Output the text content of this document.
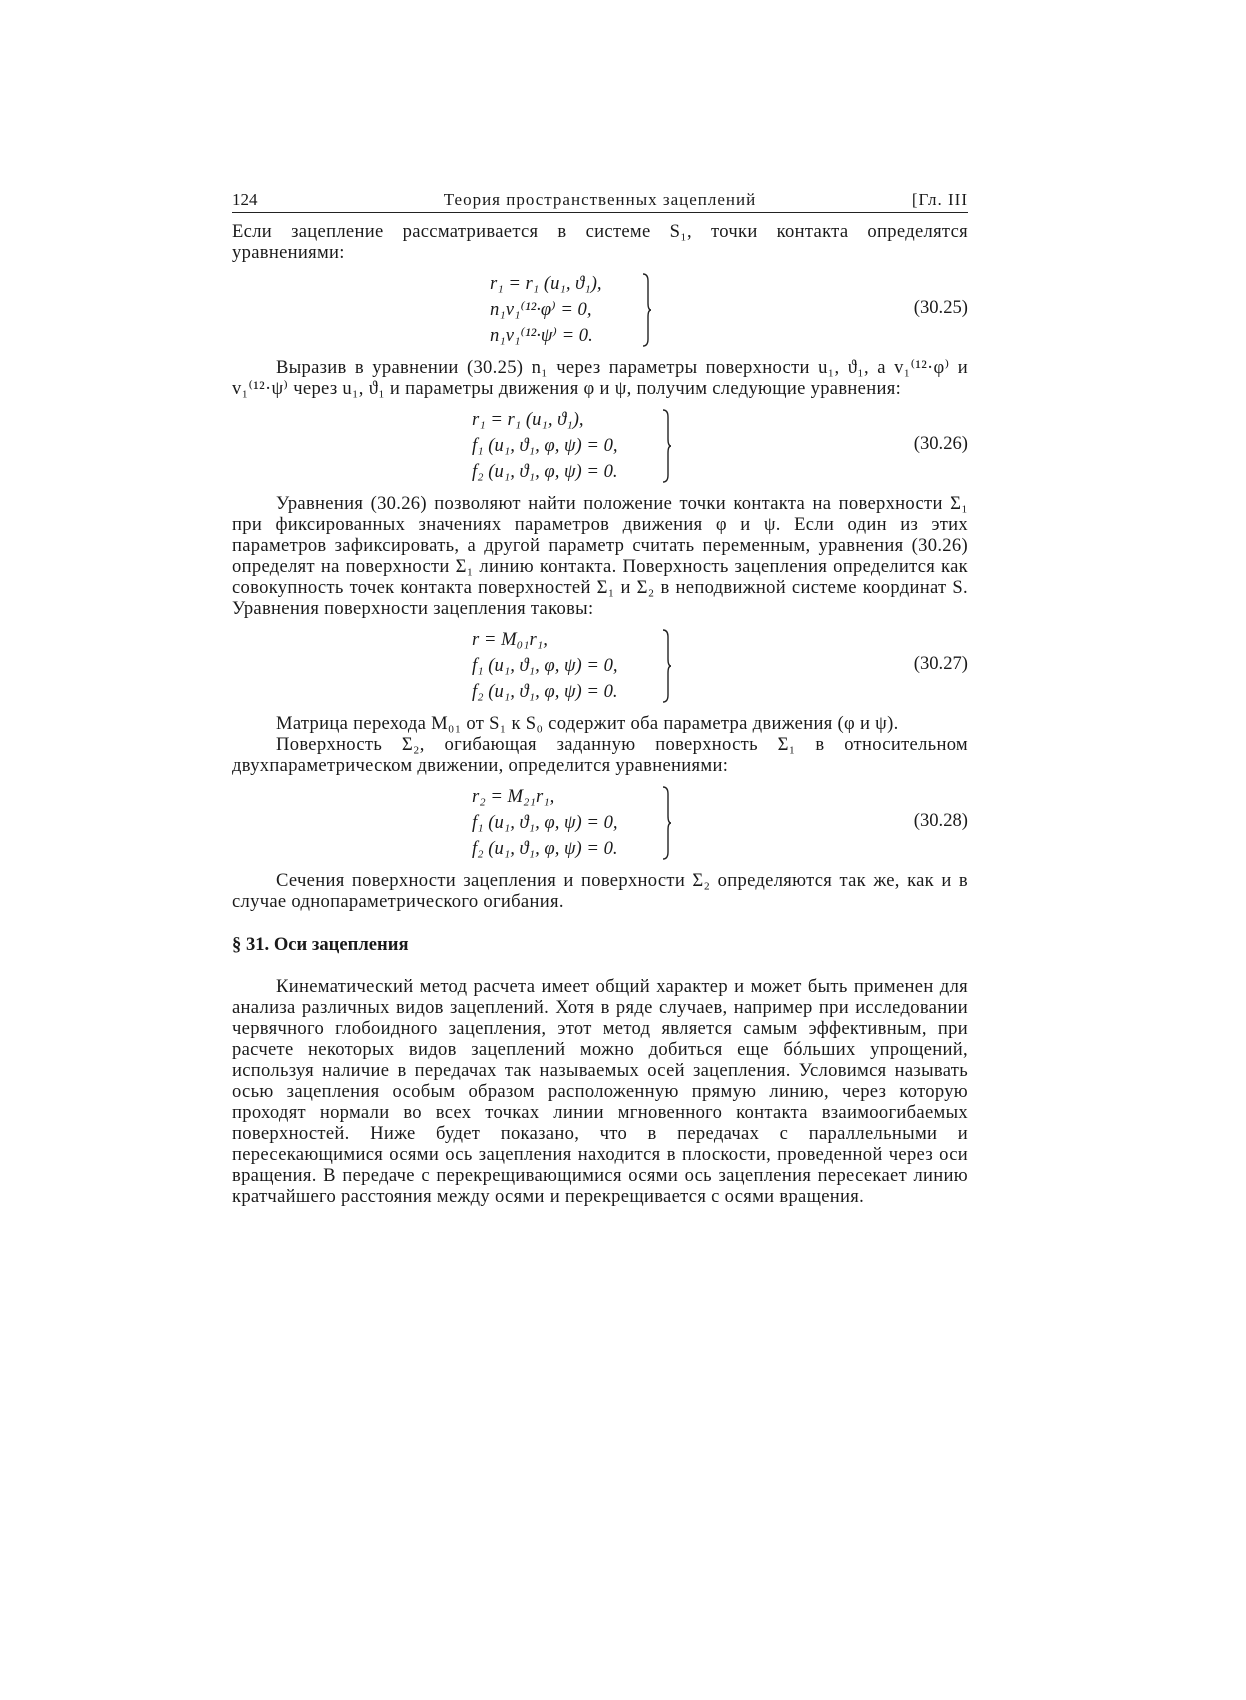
124	Теория пространственных зацеплений	[Гл. III

Если зацепление рассматривается в системе S₁, точки контакта определятся уравнениями:

r₁ = r₁ (u₁, ϑ₁),
n₁v₁⁽¹²·φ⁾ = 0,
n₁v₁⁽¹²·ψ⁾ = 0.
(30.25)

Выразив в уравнении (30.25) n₁ через параметры поверхности u₁, ϑ₁, а v₁⁽¹²·φ⁾ и v₁⁽¹²·ψ⁾ через u₁, ϑ₁ и параметры движения φ и ψ, получим следующие уравнения:

r₁ = r₁ (u₁, ϑ₁),
f₁ (u₁, ϑ₁, φ, ψ) = 0,
f₂ (u₁, ϑ₁, φ, ψ) = 0.
(30.26)

Уравнения (30.26) позволяют найти положение точки контакта на поверхности Σ₁ при фиксированных значениях параметров движения φ и ψ. Если один из этих параметров зафиксировать, а другой параметр считать переменным, уравнения (30.26) определят на поверхности Σ₁ линию контакта. Поверхность зацепления определится как совокупность точек контакта поверхностей Σ₁ и Σ₂ в неподвижной системе координат S. Уравнения поверхности зацепления таковы:

r = M₀₁r₁,
f₁ (u₁, ϑ₁, φ, ψ) = 0,
f₂ (u₁, ϑ₁, φ, ψ) = 0.
(30.27)

Матрица перехода M₀₁ от S₁ к S₀ содержит оба параметра движения (φ и ψ).

Поверхность Σ₂, огибающая заданную поверхность Σ₁ в относительном двухпараметрическом движении, определится уравнениями:

r₂ = M₂₁r₁,
f₁ (u₁, ϑ₁, φ, ψ) = 0,
f₂ (u₁, ϑ₁, φ, ψ) = 0.
(30.28)

Сечения поверхности зацепления и поверхности Σ₂ определяются так же, как и в случае однопараметрического огибания.

§ 31. Оси зацепления

Кинематический метод расчета имеет общий характер и может быть применен для анализа различных видов зацеплений. Хотя в ряде случаев, например при исследовании червячного глобоидного зацепления, этот метод является самым эффективным, при расчете некоторых видов зацеплений можно добиться еще бóльших упрощений, используя наличие в передачах так называемых осей зацепления. Условимся называть осью зацепления особым образом расположенную прямую линию, через которую проходят нормали во всех точках линии мгновенного контакта взаимоогибаемых поверхностей. Ниже будет показано, что в передачах с параллельными и пересекающимися осями ось зацепления находится в плоскости, проведенной через оси вращения. В передаче с перекрещивающимися осями ось зацепления пересекает линию кратчайшего расстояния между осями и перекрещивается с осями вращения.
